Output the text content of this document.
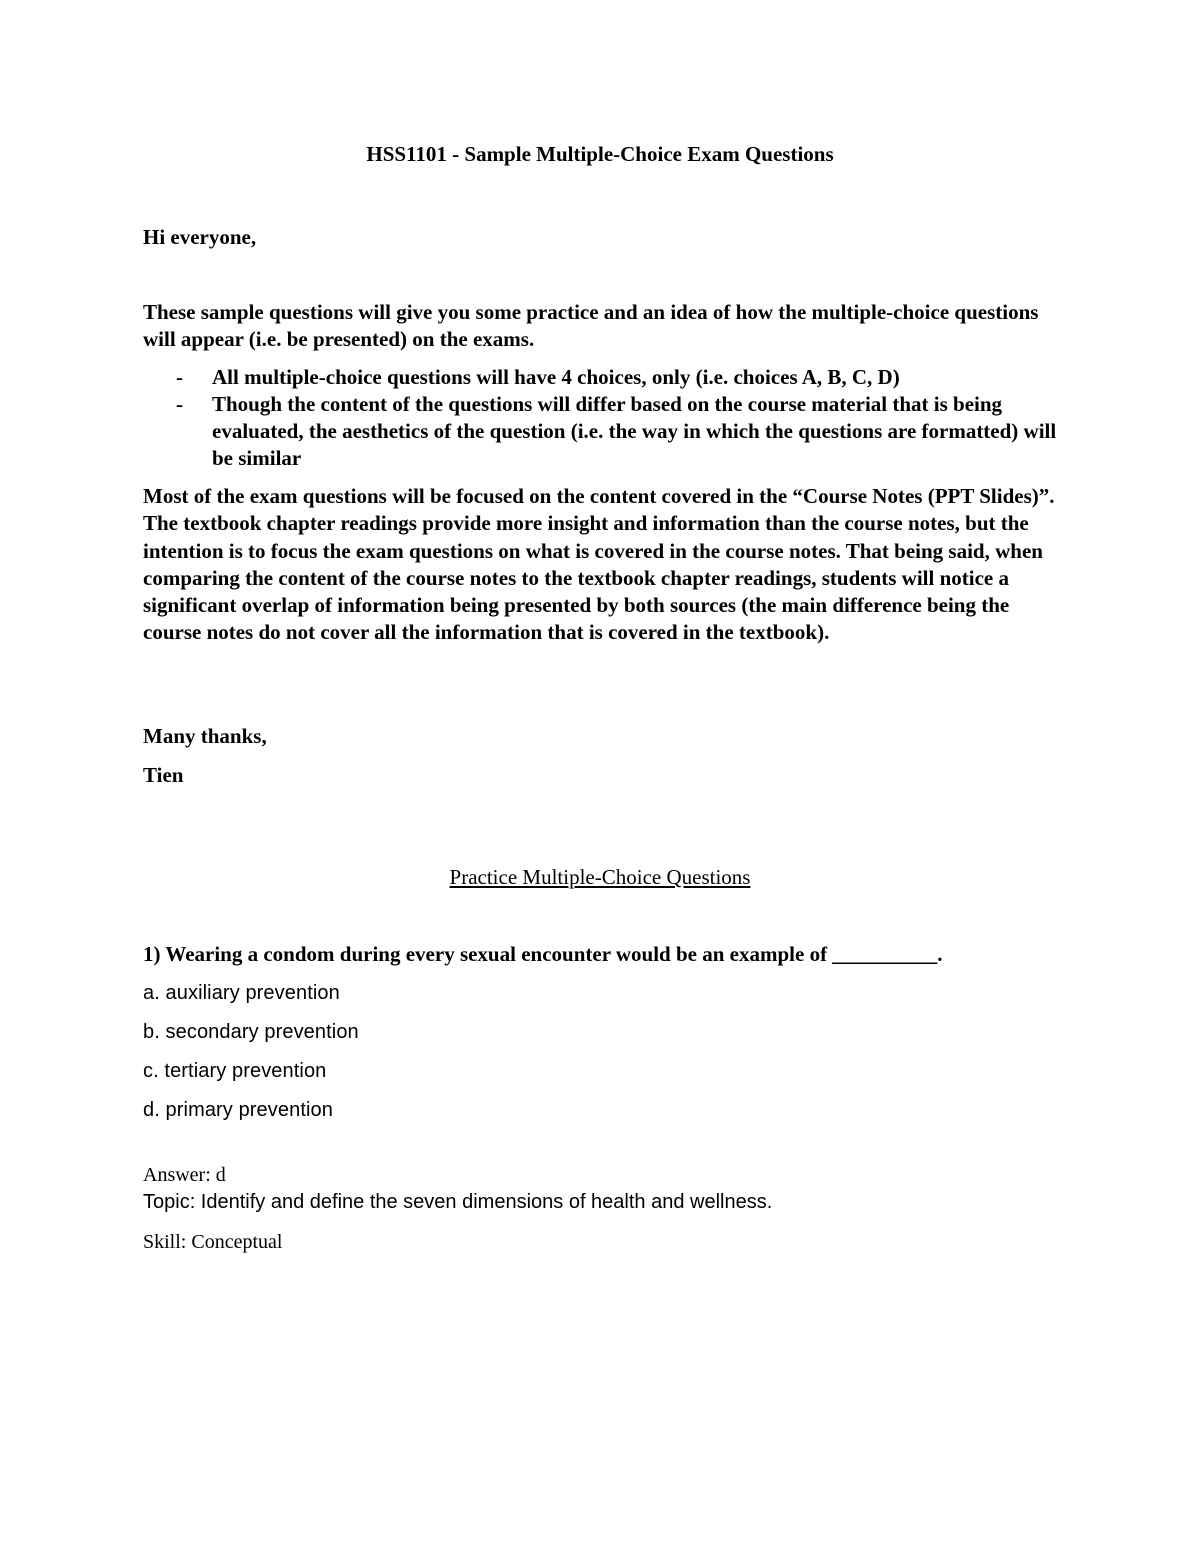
HSS1101 - Sample Multiple-Choice Exam Questions
Hi everyone,
These sample questions will give you some practice and an idea of how the multiple-choice questions will appear (i.e. be presented) on the exams.
- All multiple-choice questions will have 4 choices, only (i.e. choices A, B, C, D)
- Though the content of the questions will differ based on the course material that is being evaluated, the aesthetics of the question (i.e. the way in which the questions are formatted) will be similar
Most of the exam questions will be focused on the content covered in the “Course Notes (PPT Slides)”. The textbook chapter readings provide more insight and information than the course notes, but the intention is to focus the exam questions on what is covered in the course notes. That being said, when comparing the content of the course notes to the textbook chapter readings, students will notice a significant overlap of information being presented by both sources (the main difference being the course notes do not cover all the information that is covered in the textbook).
Many thanks,
Tien
Practice Multiple-Choice Questions
1) Wearing a condom during every sexual encounter would be an example of __________.
a. auxiliary prevention
b. secondary prevention
c. tertiary prevention
d. primary prevention
Answer: d
Topic: Identify and define the seven dimensions of health and wellness.
Skill: Conceptual
